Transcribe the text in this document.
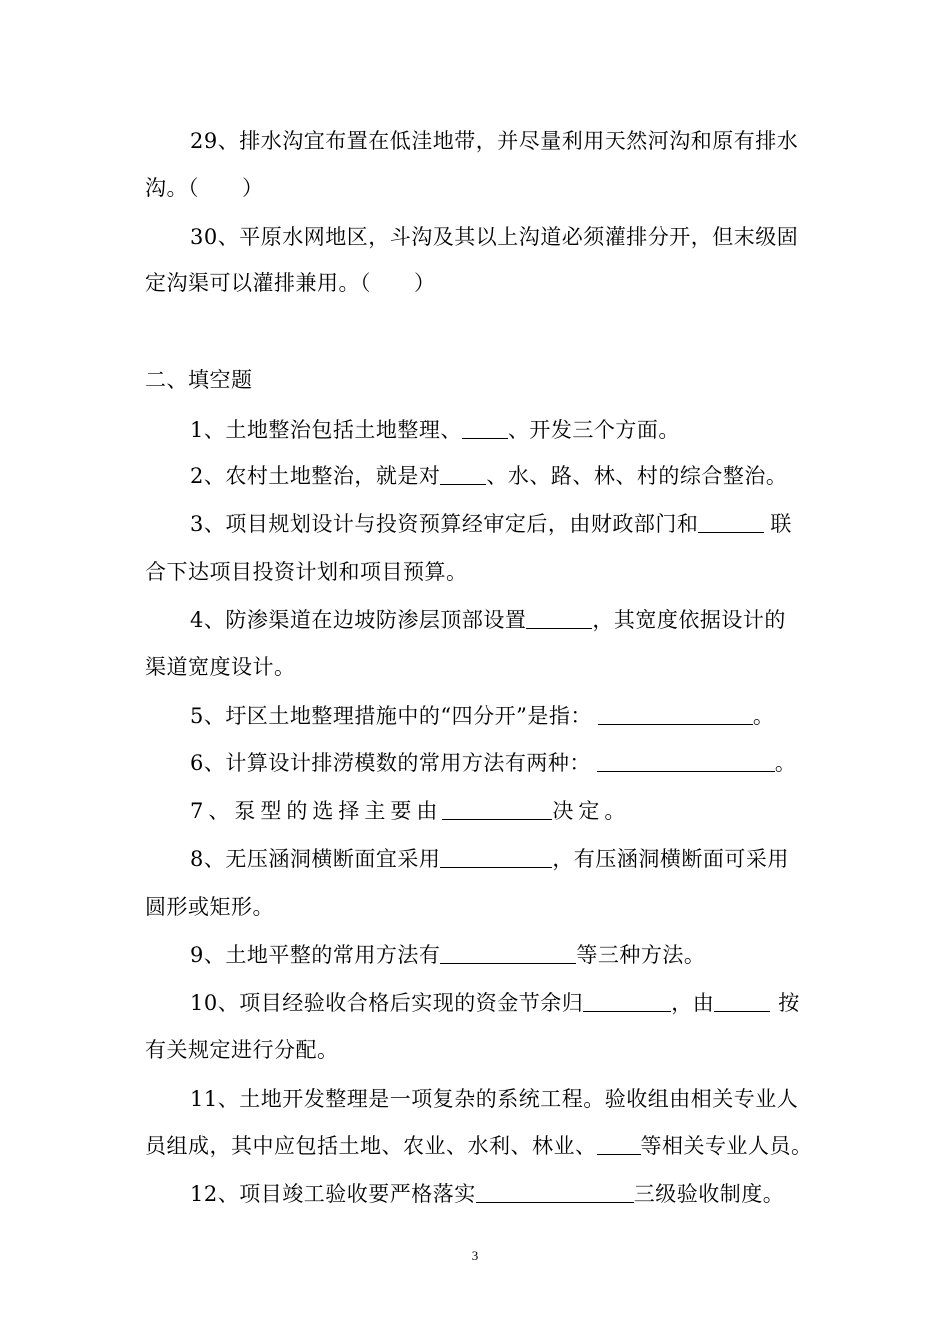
29、排水沟宜布置在低洼地带，并尽量利用天然河沟和原有排水
沟。（　　）
30、平原水网地区，斗沟及其以上沟道必须灌排分开，但末级固
定沟渠可以灌排兼用。（　　）
二、填空题
1、土地整治包括土地整理、 、开发三个方面。
2、农村土地整治，就是对 、水、路、林、村的综合整治。
3、项目规划设计与投资预算经审定后，由财政部门和	联
合下达项目投资计划和项目预算。
4、防渗渠道在边坡防渗层顶部设置	，其宽度依据设计的
渠道宽度设计。
5、圩区土地整理措施中的“四分开”是指：	。
6、计算设计排涝模数的常用方法有两种：	。
7、泵型的选择主要由	决定。
8、无压涵洞横断面宜采用	，有压涵洞横断面可采用
圆形或矩形。
9、土地平整的常用方法有	等三种方法。
10、项目经验收合格后实现的资金节余归	，由	按
有关规定进行分配。
11、土地开发整理是一项复杂的系统工程。验收组由相关专业人
员组成，其中应包括土地、农业、水利、林业、 等相关专业人员。
12、项目竣工验收要严格落实	三级验收制度。
3
